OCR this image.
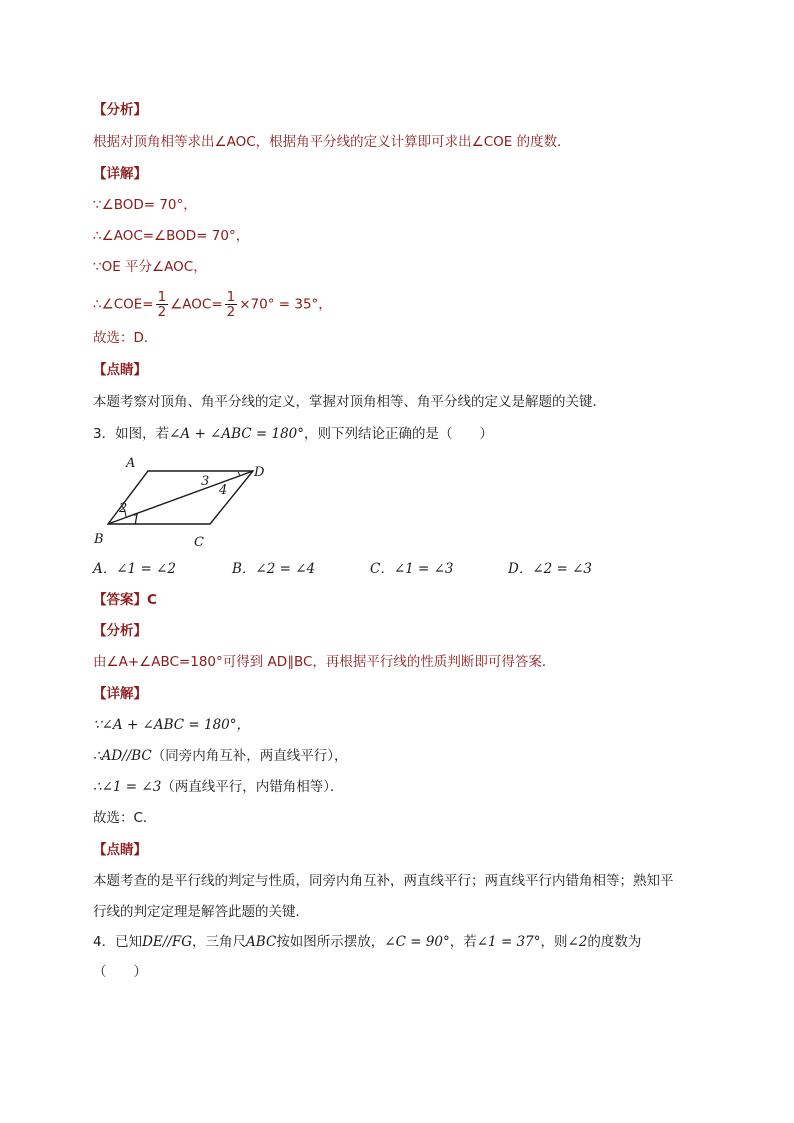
【分析】
根据对顶角相等求出∠AOC，根据角平分线的定义计算即可求出∠COE 的度数．
【详解】
∵∠BOD= 70°，
∴∠AOC=∠BOD= 70°，
∵OE 平分∠AOC，
∴∠COE= $\frac{1}{2}$ ∠AOC= $\frac{1}{2} \times 70^\circ = 35^\circ$，
故选：D．
【点睛】
本题考察对顶角、角平分线的定义，掌握对顶角相等、角平分线的定义是解题的关键．
3．如图，若∠A + ∠ABC = 180°，则下列结论正确的是（　　）
A
B	C
D
1
2
3
4
A．∠1 = ∠2	B．∠2 = ∠4	C．∠1 = ∠3	D．∠2 = ∠3
【答案】C
【分析】
由∠A+∠ABC=180°可得到 AD∥BC，再根据平行线的性质判断即可得答案．
【详解】
∵∠A + ∠ABC = 180°，
∴AD//BC（同旁内角互补，两直线平行），
∴∠1 = ∠3（两直线平行，内错角相等）．
故选：C．
【点睛】
本题考查的是平行线的判定与性质，同旁内角互补，两直线平行；两直线平行内错角相等；熟知平
行线的判定定理是解答此题的关键．
4．已知DE//FG，三角尺ABC按如图所示摆放，∠C = 90°，若∠1 = 37°，则∠2的度数为
（　　）
